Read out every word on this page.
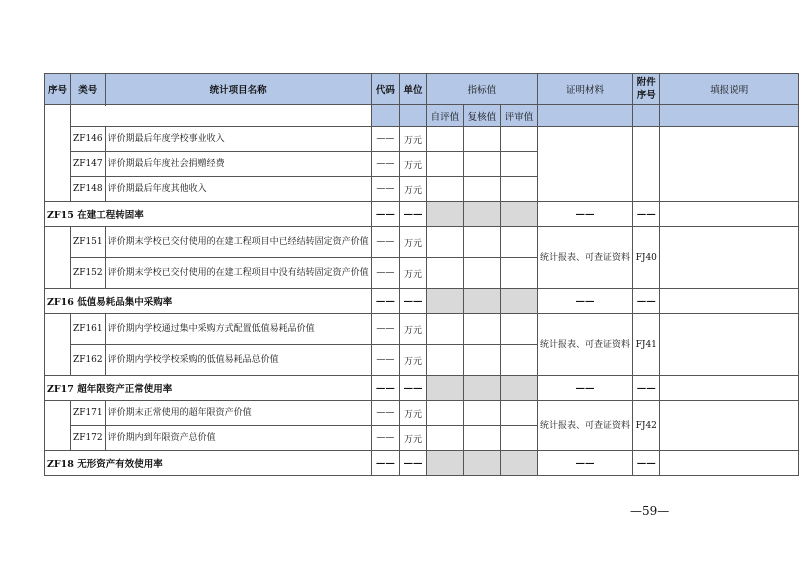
序号	类号	统计项目名称	代码	单位	指标值			证明材料	附件序号	填报说明

					自评值	复核值	评审值			
	ZF146	评价期最后年度学校事业收入	——	万元						
	ZF147	评价期最后年度社会捐赠经费	——	万元						
	ZF148	评价期最后年度其他收入	——	万元						
ZF15 在建工程转固率			——	——				——	——	
	ZF151	评价期末学校已交付使用的在建工程项目中已经结转固定资产价值	——	万元				统计报表、可查证资料	FJ40	
	ZF152	评价期末学校已交付使用的在建工程项目中没有结转固定资产价值	——	万元						
ZF16 低值易耗品集中采购率			——	——				——	——	
	ZF161	评价期内学校通过集中采购方式配置低值易耗品价值	——	万元				统计报表、可查证资料	FJ41	
	ZF162	评价期内学校学校采购的低值易耗品总价值	——	万元						
ZF17 超年限资产正常使用率			——	——				——	——	
	ZF171	评价期末正常使用的超年限资产价值	——	万元				统计报表、可查证资料	FJ42	
	ZF172	评价期内到年限资产总价值	——	万元						
ZF18 无形资产有效使用率			——	——				——	——	
—59—
